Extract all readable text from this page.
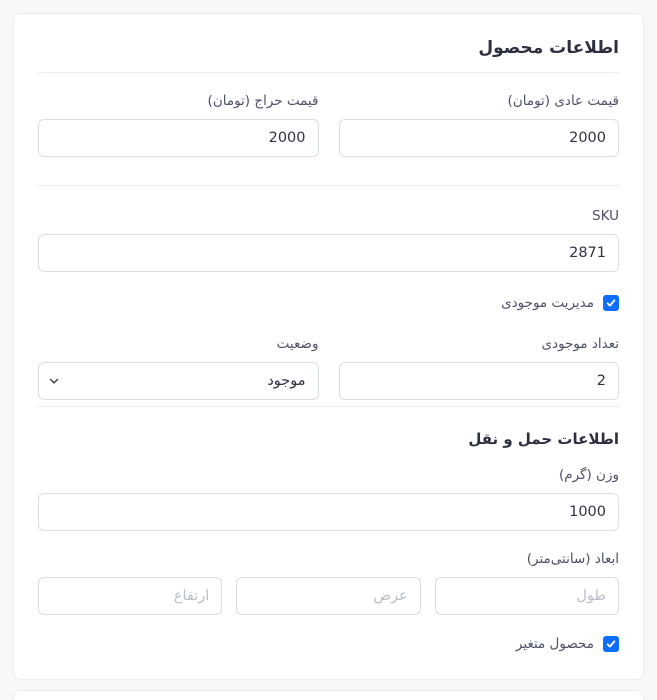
اطلاعات محصول
قیمت عادی (تومان)
2000
قیمت حراج (تومان)
2000
SKU
2871
مدیریت موجودی
تعداد موجودی
2
وضعیت
موجود
اطلاعات حمل و نقل
وزن (گرم)
1000
ابعاد (سانتی‌متر)
طول
عرض
ارتفاع
محصول متغیر
